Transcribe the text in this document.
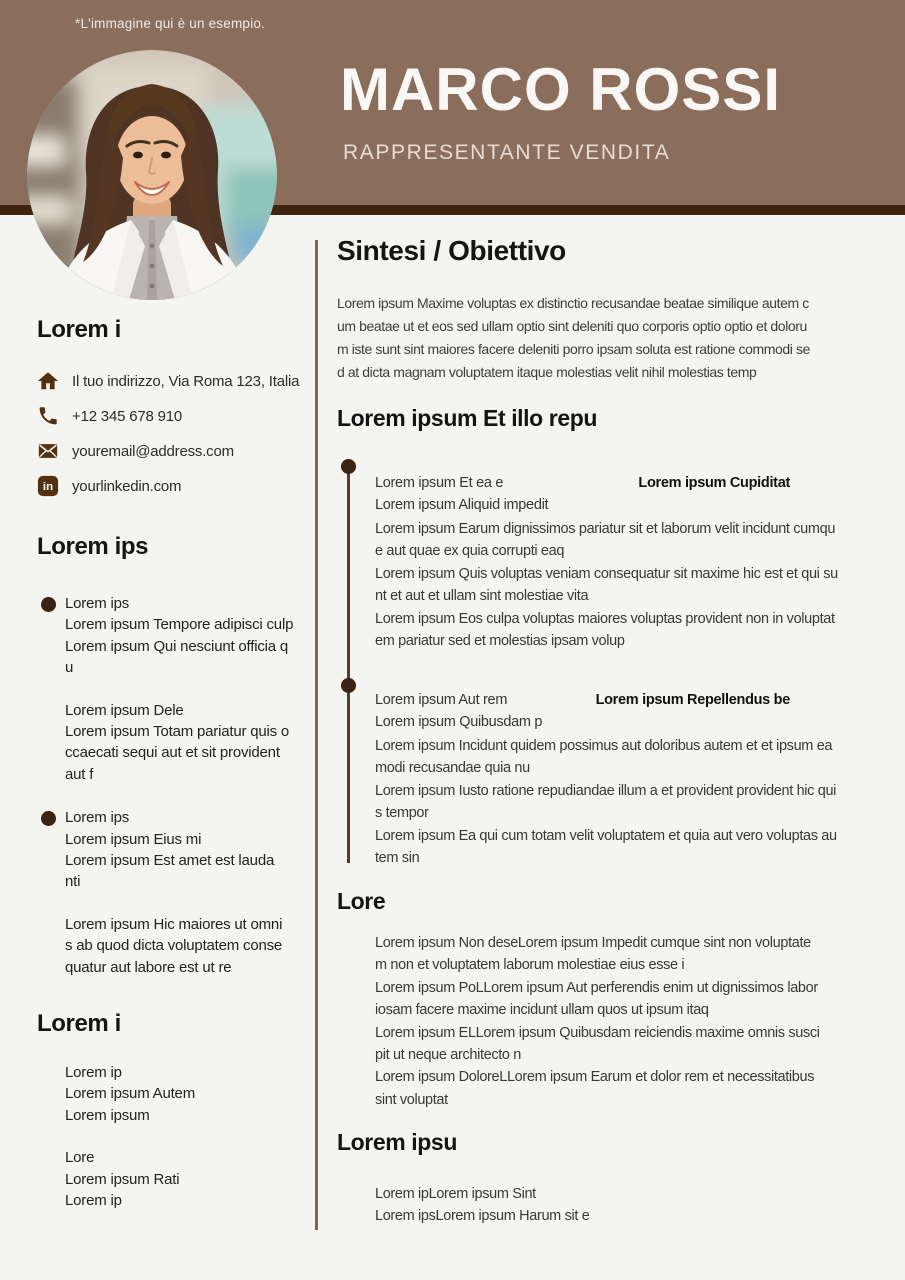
*L'immagine qui è un esempio.
MARCO ROSSI
RAPPRESENTANTE VENDITA
Lorem i
Il tuo indirizzo, Via Roma 123, Italia
+12 345 678 910
youremail@address.com
in yourlinkedin.com
Lorem ips
Lorem ips
Lorem ipsum Tempore adipisci culp
Lorem ipsum Qui nesciunt officia q
u
Lorem ipsum Dele
Lorem ipsum Totam pariatur quis o
ccaecati sequi aut et sit provident
aut f
Lorem ips
Lorem ipsum Eius mi
Lorem ipsum Est amet est lauda
nti
Lorem ipsum Hic maiores ut omni
s ab quod dicta voluptatem conse
quatur aut labore est ut re
Lorem i
Lorem ip
Lorem ipsum Autem
Lorem ipsum
Lore
Lorem ipsum Rati
Lorem ip
Sintesi / Obiettivo
Lorem ipsum Maxime voluptas ex distinctio recusandae beatae similique autem c
um beatae ut et eos sed ullam optio sint deleniti quo corporis optio optio et doloru
m iste sunt sint maiores facere deleniti porro ipsam soluta est ratione commodi se
d at dicta magnam voluptatem itaque molestias velit nihil molestias temp
Lorem ipsum Et illo repu
Lorem ipsum Cupiditat
Lorem ipsum Et ea e
Lorem ipsum Aliquid impedit
Lorem ipsum Earum dignissimos pariatur sit et laborum velit incidunt cumqu
e aut quae ex quia corrupti eaq
Lorem ipsum Quis voluptas veniam consequatur sit maxime hic est et qui su
nt et aut et ullam sint molestiae vita
Lorem ipsum Eos culpa voluptas maiores voluptas provident non in voluptat
em pariatur sed et molestias ipsam volup
Lorem ipsum Repellendus be
Lorem ipsum Aut rem
Lorem ipsum Quibusdam p
Lorem ipsum Incidunt quidem possimus aut doloribus autem et et ipsum ea
modi recusandae quia nu
Lorem ipsum Iusto ratione repudiandae illum a et provident provident hic qui
s tempor
Lorem ipsum Ea qui cum totam velit voluptatem et quia aut vero voluptas au
tem sin
Lore
Lorem ipsum Non deseLorem ipsum Impedit cumque sint non voluptate
m non et voluptatem laborum molestiae eius esse i
Lorem ipsum PoLLorem ipsum Aut perferendis enim ut dignissimos labor
iosam facere maxime incidunt ullam quos ut ipsum itaq
Lorem ipsum ELLorem ipsum Quibusdam reiciendis maxime omnis susci
pit ut neque architecto n
Lorem ipsum DoloreLLorem ipsum Earum et dolor rem et necessitatibus
sint voluptat
Lorem ipsu
Lorem ipLorem ipsum Sint
Lorem ipsLorem ipsum Harum sit e
